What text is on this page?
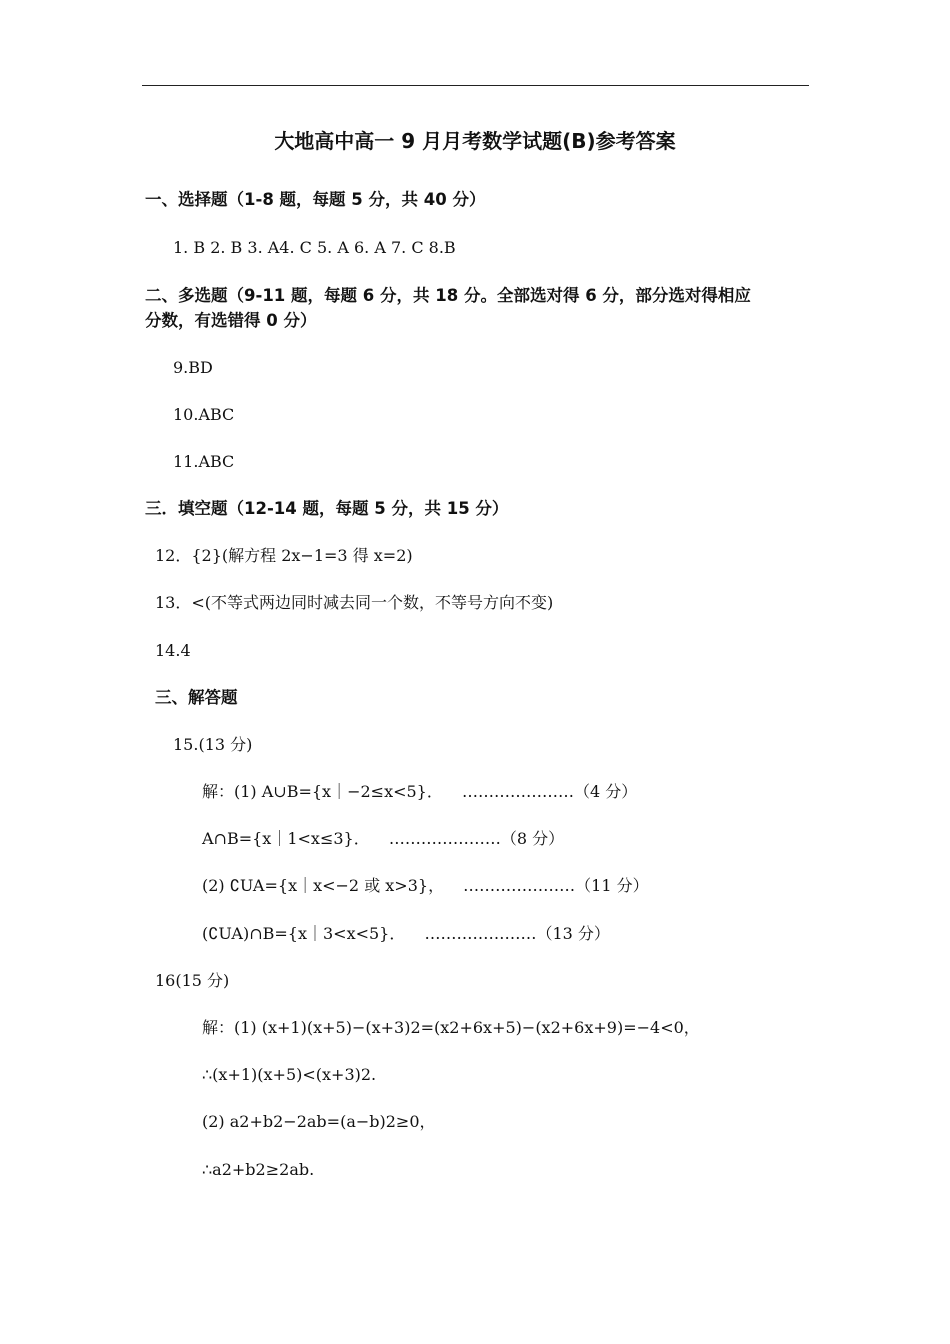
大地高中高一 9 月月考数学试题(B)参考答案
一、选择题（1-8 题，每题 5 分，共 40 分）
1. B 2. B 3. A4. C 5. A 6. A 7. C 8.B
二、多选题（9-11 题，每题 6 分，共 18 分。全部选对得 6 分，部分选对得相应
分数，有选错得 0 分）
9.BD
10.ABC
11.ABC
三．填空题（12-14 题，每题 5 分，共 15 分）
12．{2}(解方程 2x−1=3 得 x=2)
13．<(不等式两边同时减去同一个数，不等号方向不变)
14.4
三、解答题
15.(13 分)
解：(1) A∪B={x｜−2≤x<5}． …………………（4 分）
A∩B={x｜1<x≤3}． …………………（8 分）
(2) ∁UA={x｜x<−2 或 x>3}， …………………（11 分）
(∁UA)∩B={x｜3<x<5}． …………………（13 分）
16(15 分)
解：(1) (x+1)(x+5)−(x+3)2=(x2+6x+5)−(x2+6x+9)=−4<0，
∴(x+1)(x+5)<(x+3)2.
(2) a2+b2−2ab=(a−b)2≥0，
∴a2+b2≥2ab.
